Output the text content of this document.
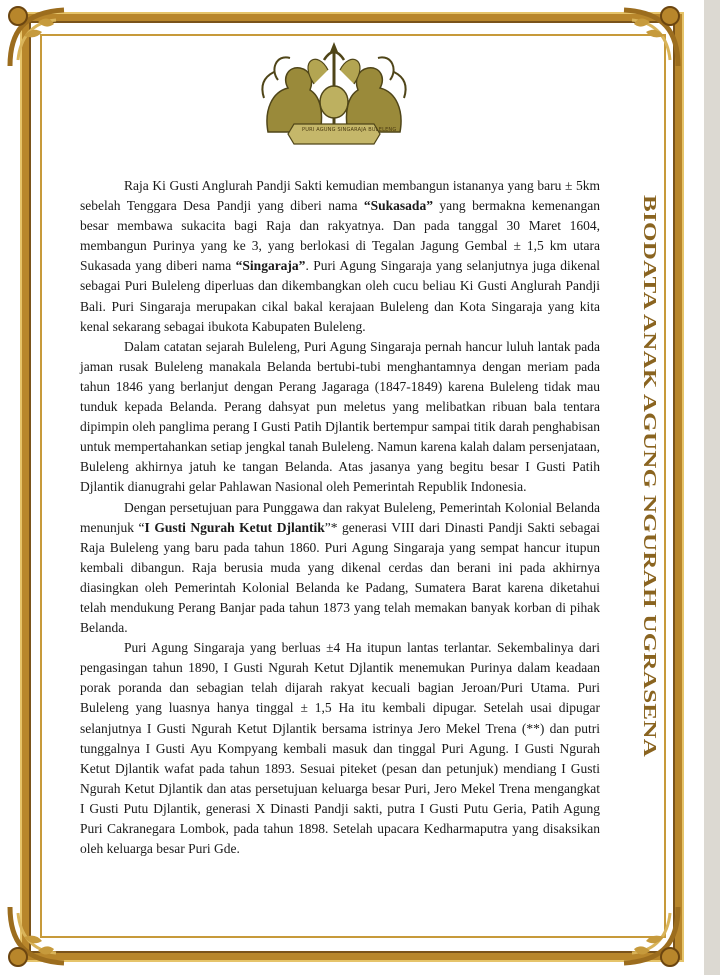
PURI AGUNG SINGARAJA BULELENG
BIODATA ANAK AGUNG NGURAH UGRASENA

Raja Ki Gusti Anglurah Pandji Sakti kemudian membangun istananya yang baru ± 5km sebelah Tenggara Desa Pandji yang diberi nama “Sukasada” yang bermakna kemenangan besar membawa sukacita bagi Raja dan rakyatnya. Dan pada tanggal 30 Maret 1604, membangun Purinya yang ke 3, yang berlokasi di Tegalan Jagung Gembal ± 1,5 km utara Sukasada yang diberi nama “Singaraja”. Puri Agung Singaraja yang selanjutnya juga dikenal sebagai Puri Buleleng diperluas dan dikembangkan oleh cucu beliau Ki Gusti Anglurah Pandji Bali. Puri Singaraja merupakan cikal bakal kerajaan Buleleng dan Kota Singaraja yang kita kenal sekarang sebagai ibukota Kabupaten Buleleng.

Dalam catatan sejarah Buleleng, Puri Agung Singaraja pernah hancur luluh lantak pada jaman rusak Buleleng manakala Belanda bertubi-tubi menghantamnya dengan meriam pada tahun 1846 yang berlanjut dengan Perang Jagaraga (1847-1849) karena Buleleng tidak mau tunduk kepada Belanda. Perang dahsyat pun meletus yang melibatkan ribuan bala tentara dipimpin oleh panglima perang I Gusti Patih Djlantik bertempur sampai titik darah penghabisan untuk mempertahankan setiap jengkal tanah Buleleng. Namun karena kalah dalam persenjataan, Buleleng akhirnya jatuh ke tangan Belanda. Atas jasanya yang begitu besar I Gusti Patih Djlantik dianugrahi gelar Pahlawan Nasional oleh Pemerintah Republik Indonesia.

Dengan persetujuan para Punggawa dan rakyat Buleleng, Pemerintah Kolonial Belanda menunjuk “I Gusti Ngurah Ketut Djlantik”* generasi VIII dari Dinasti Pandji Sakti sebagai Raja Buleleng yang baru pada tahun 1860. Puri Agung Singaraja yang sempat hancur itupun kembali dibangun. Raja berusia muda yang dikenal cerdas dan berani ini pada akhirnya diasingkan oleh Pemerintah Kolonial Belanda ke Padang, Sumatera Barat karena diketahui telah mendukung Perang Banjar pada tahun 1873 yang telah memakan banyak korban di pihak Belanda.

Puri Agung Singaraja yang berluas ±4 Ha itupun lantas terlantar. Sekembalinya dari pengasingan tahun 1890, I Gusti Ngurah Ketut Djlantik menemukan Purinya dalam keadaan porak poranda dan sebagian telah dijarah rakyat kecuali bagian Jeroan/Puri Utama. Puri Buleleng yang luasnya hanya tinggal ± 1,5 Ha itu kembali dipugar. Setelah usai dipugar selanjutnya I Gusti Ngurah Ketut Djlantik bersama istrinya Jero Mekel Trena (**) dan putri tunggalnya I Gusti Ayu Kompyang kembali masuk dan tinggal Puri Agung. I Gusti Ngurah Ketut Djlantik wafat pada tahun 1893. Sesuai piteket (pesan dan petunjuk) mendiang I Gusti Ngurah Ketut Djlantik dan atas persetujuan keluarga besar Puri, Jero Mekel Trena mengangkat I Gusti Putu Djlantik, generasi X Dinasti Pandji sakti, putra I Gusti Putu Geria, Patih Agung Puri Cakranegara Lombok, pada tahun 1898. Setelah upacara Kedharmaputra yang disaksikan oleh keluarga besar Puri Gde.
